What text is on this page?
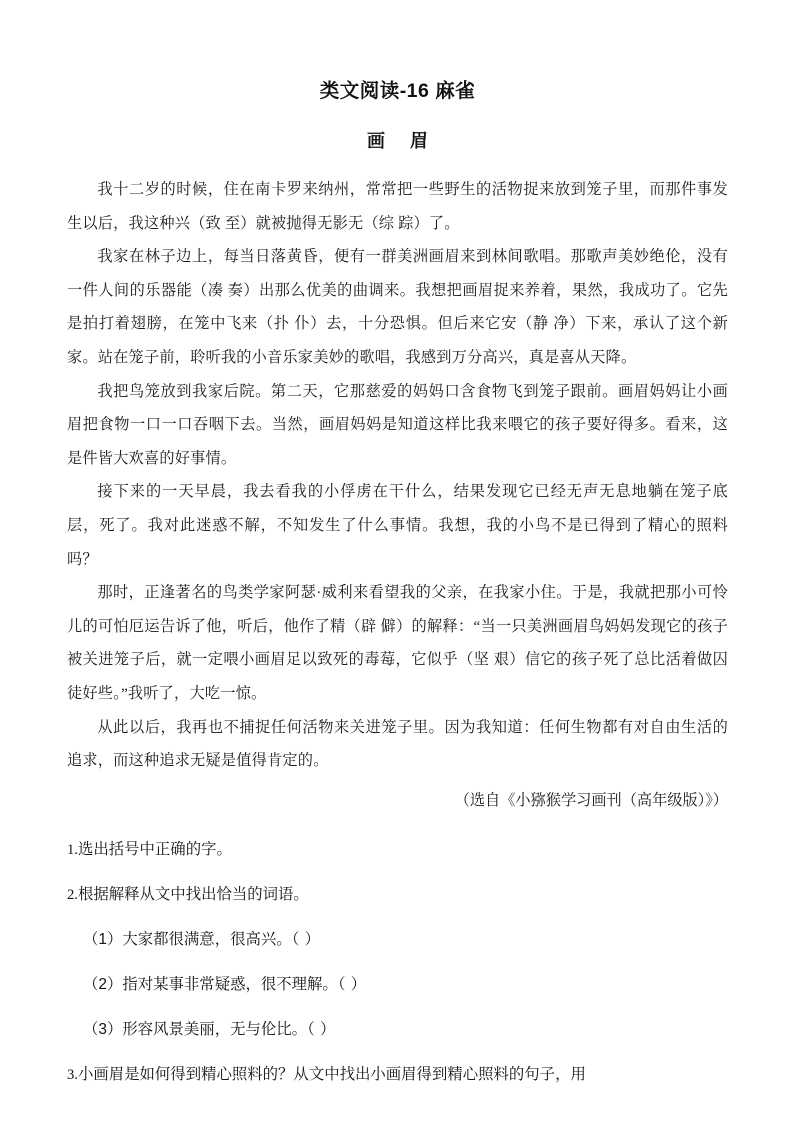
类文阅读-16 麻雀
画 眉

我十二岁的时候，住在南卡罗来纳州，常常把一些野生的活物捉来放到笼子里，而那件事发生以后，我这种兴（致 至）就被抛得无影无（综 踪）了。

我家在林子边上，每当日落黄昏，便有一群美洲画眉来到林间歌唱。那歌声美妙绝伦，没有一件人间的乐器能（凑 奏）出那么优美的曲调来。我想把画眉捉来养着，果然，我成功了。它先是拍打着翅膀，在笼中飞来（扑 仆）去，十分恐惧。但后来它安（静 净）下来，承认了这个新家。站在笼子前，聆听我的小音乐家美妙的歌唱，我感到万分高兴，真是喜从天降。

我把鸟笼放到我家后院。第二天，它那慈爱的妈妈口含食物飞到笼子跟前。画眉妈妈让小画眉把食物一口一口吞咽下去。当然，画眉妈妈是知道这样比我来喂它的孩子要好得多。看来，这是件皆大欢喜的好事情。

接下来的一天早晨，我去看我的小俘虏在干什么，结果发现它已经无声无息地躺在笼子底层，死了。我对此迷惑不解，不知发生了什么事情。我想，我的小鸟不是已得到了精心的照料吗？

那时，正逢著名的鸟类学家阿瑟·威利来看望我的父亲，在我家小住。于是，我就把那小可怜儿的可怕厄运告诉了他，听后，他作了精（辟 僻）的解释：“当一只美洲画眉鸟妈妈发现它的孩子被关进笼子后，就一定喂小画眉足以致死的毒莓，它似乎（坚 艰）信它的孩子死了总比活着做囚徒好些。”我听了，大吃一惊。

从此以后，我再也不捕捉任何活物来关进笼子里。因为我知道：任何生物都有对自由生活的追求，而这种追求无疑是值得肯定的。

（选自《小猕猴学习画刊（高年级版）》）

1.选出括号中正确的字。

2.根据解释从文中找出恰当的词语。

（1）大家都很满意，很高兴。（ ）

（2）指对某事非常疑惑，很不理解。（ ）

（3）形容风景美丽，无与伦比。（ ）

3.小画眉是如何得到精心照料的？从文中找出小画眉得到精心照料的句子，用
